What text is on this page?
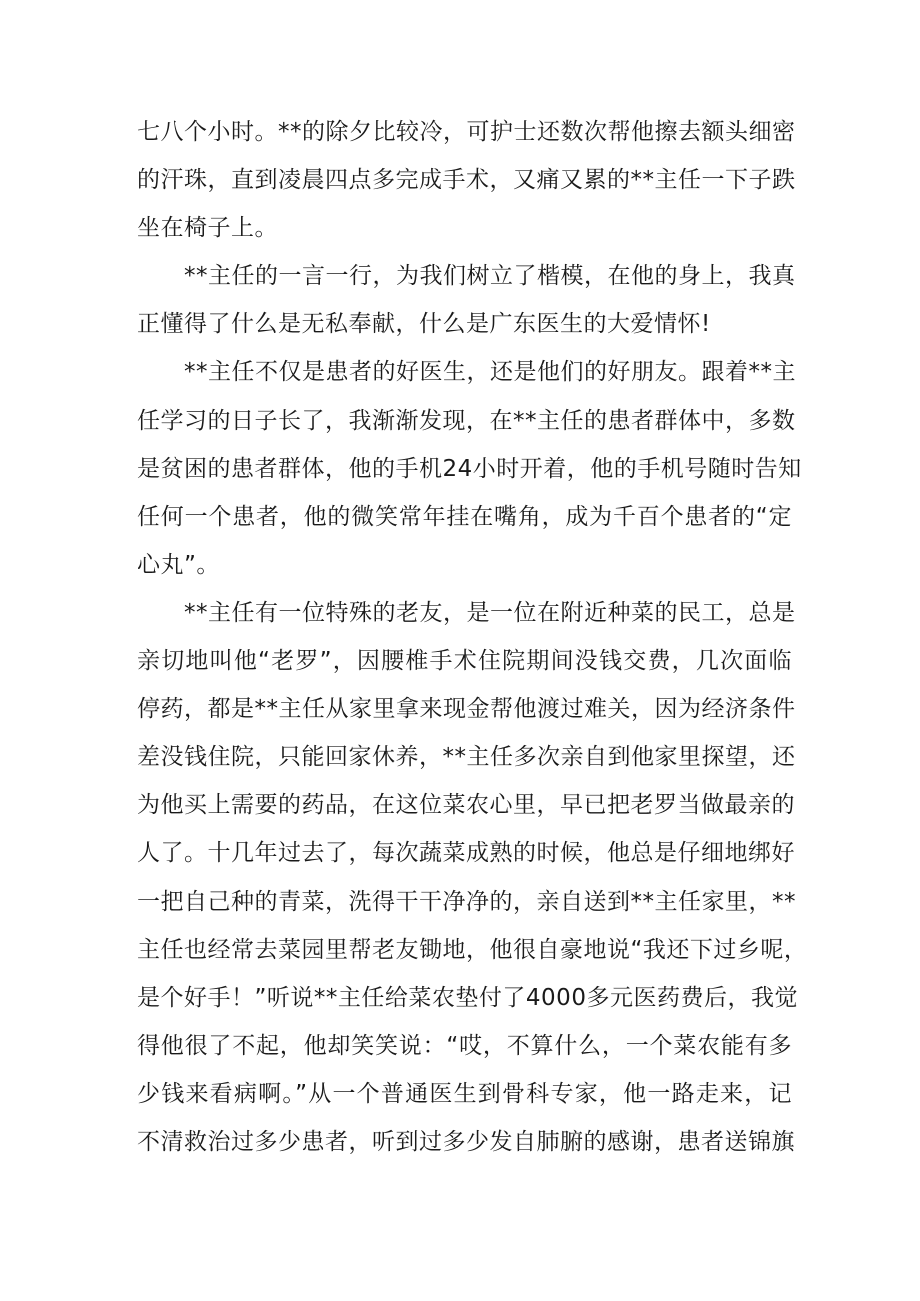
七八个小时。**的除夕比较冷，可护士还数次帮他擦去额头细密
的汗珠，直到凌晨四点多完成手术，又痛又累的**主任一下子跌
坐在椅子上。
**主任的一言一行，为我们树立了楷模，在他的身上，我真
正懂得了什么是无私奉献，什么是广东医生的大爱情怀!
**主任不仅是患者的好医生，还是他们的好朋友。跟着**主
任学习的日子长了，我渐渐发现，在**主任的患者群体中，多数
是贫困的患者群体，他的手机24小时开着，他的手机号随时告知
任何一个患者，他的微笑常年挂在嘴角，成为千百个患者的“定
心丸”。
**主任有一位特殊的老友，是一位在附近种菜的民工，总是
亲切地叫他“老罗”，因腰椎手术住院期间没钱交费，几次面临
停药，都是**主任从家里拿来现金帮他渡过难关，因为经济条件
差没钱住院，只能回家休养，**主任多次亲自到他家里探望，还
为他买上需要的药品，在这位菜农心里，早已把老罗当做最亲的
人了。十几年过去了，每次蔬菜成熟的时候，他总是仔细地绑好
一把自己种的青菜，洗得干干净净的，亲自送到**主任家里，**
主任也经常去菜园里帮老友锄地，他很自豪地说“我还下过乡呢，
是个好手！”听说**主任给菜农垫付了4000多元医药费后，我觉
得他很了不起，他却笑笑说：“哎，不算什么，一个菜农能有多
少钱来看病啊。”从一个普通医生到骨科专家，他一路走来，记
不清救治过多少患者，听到过多少发自肺腑的感谢，患者送锦旗
